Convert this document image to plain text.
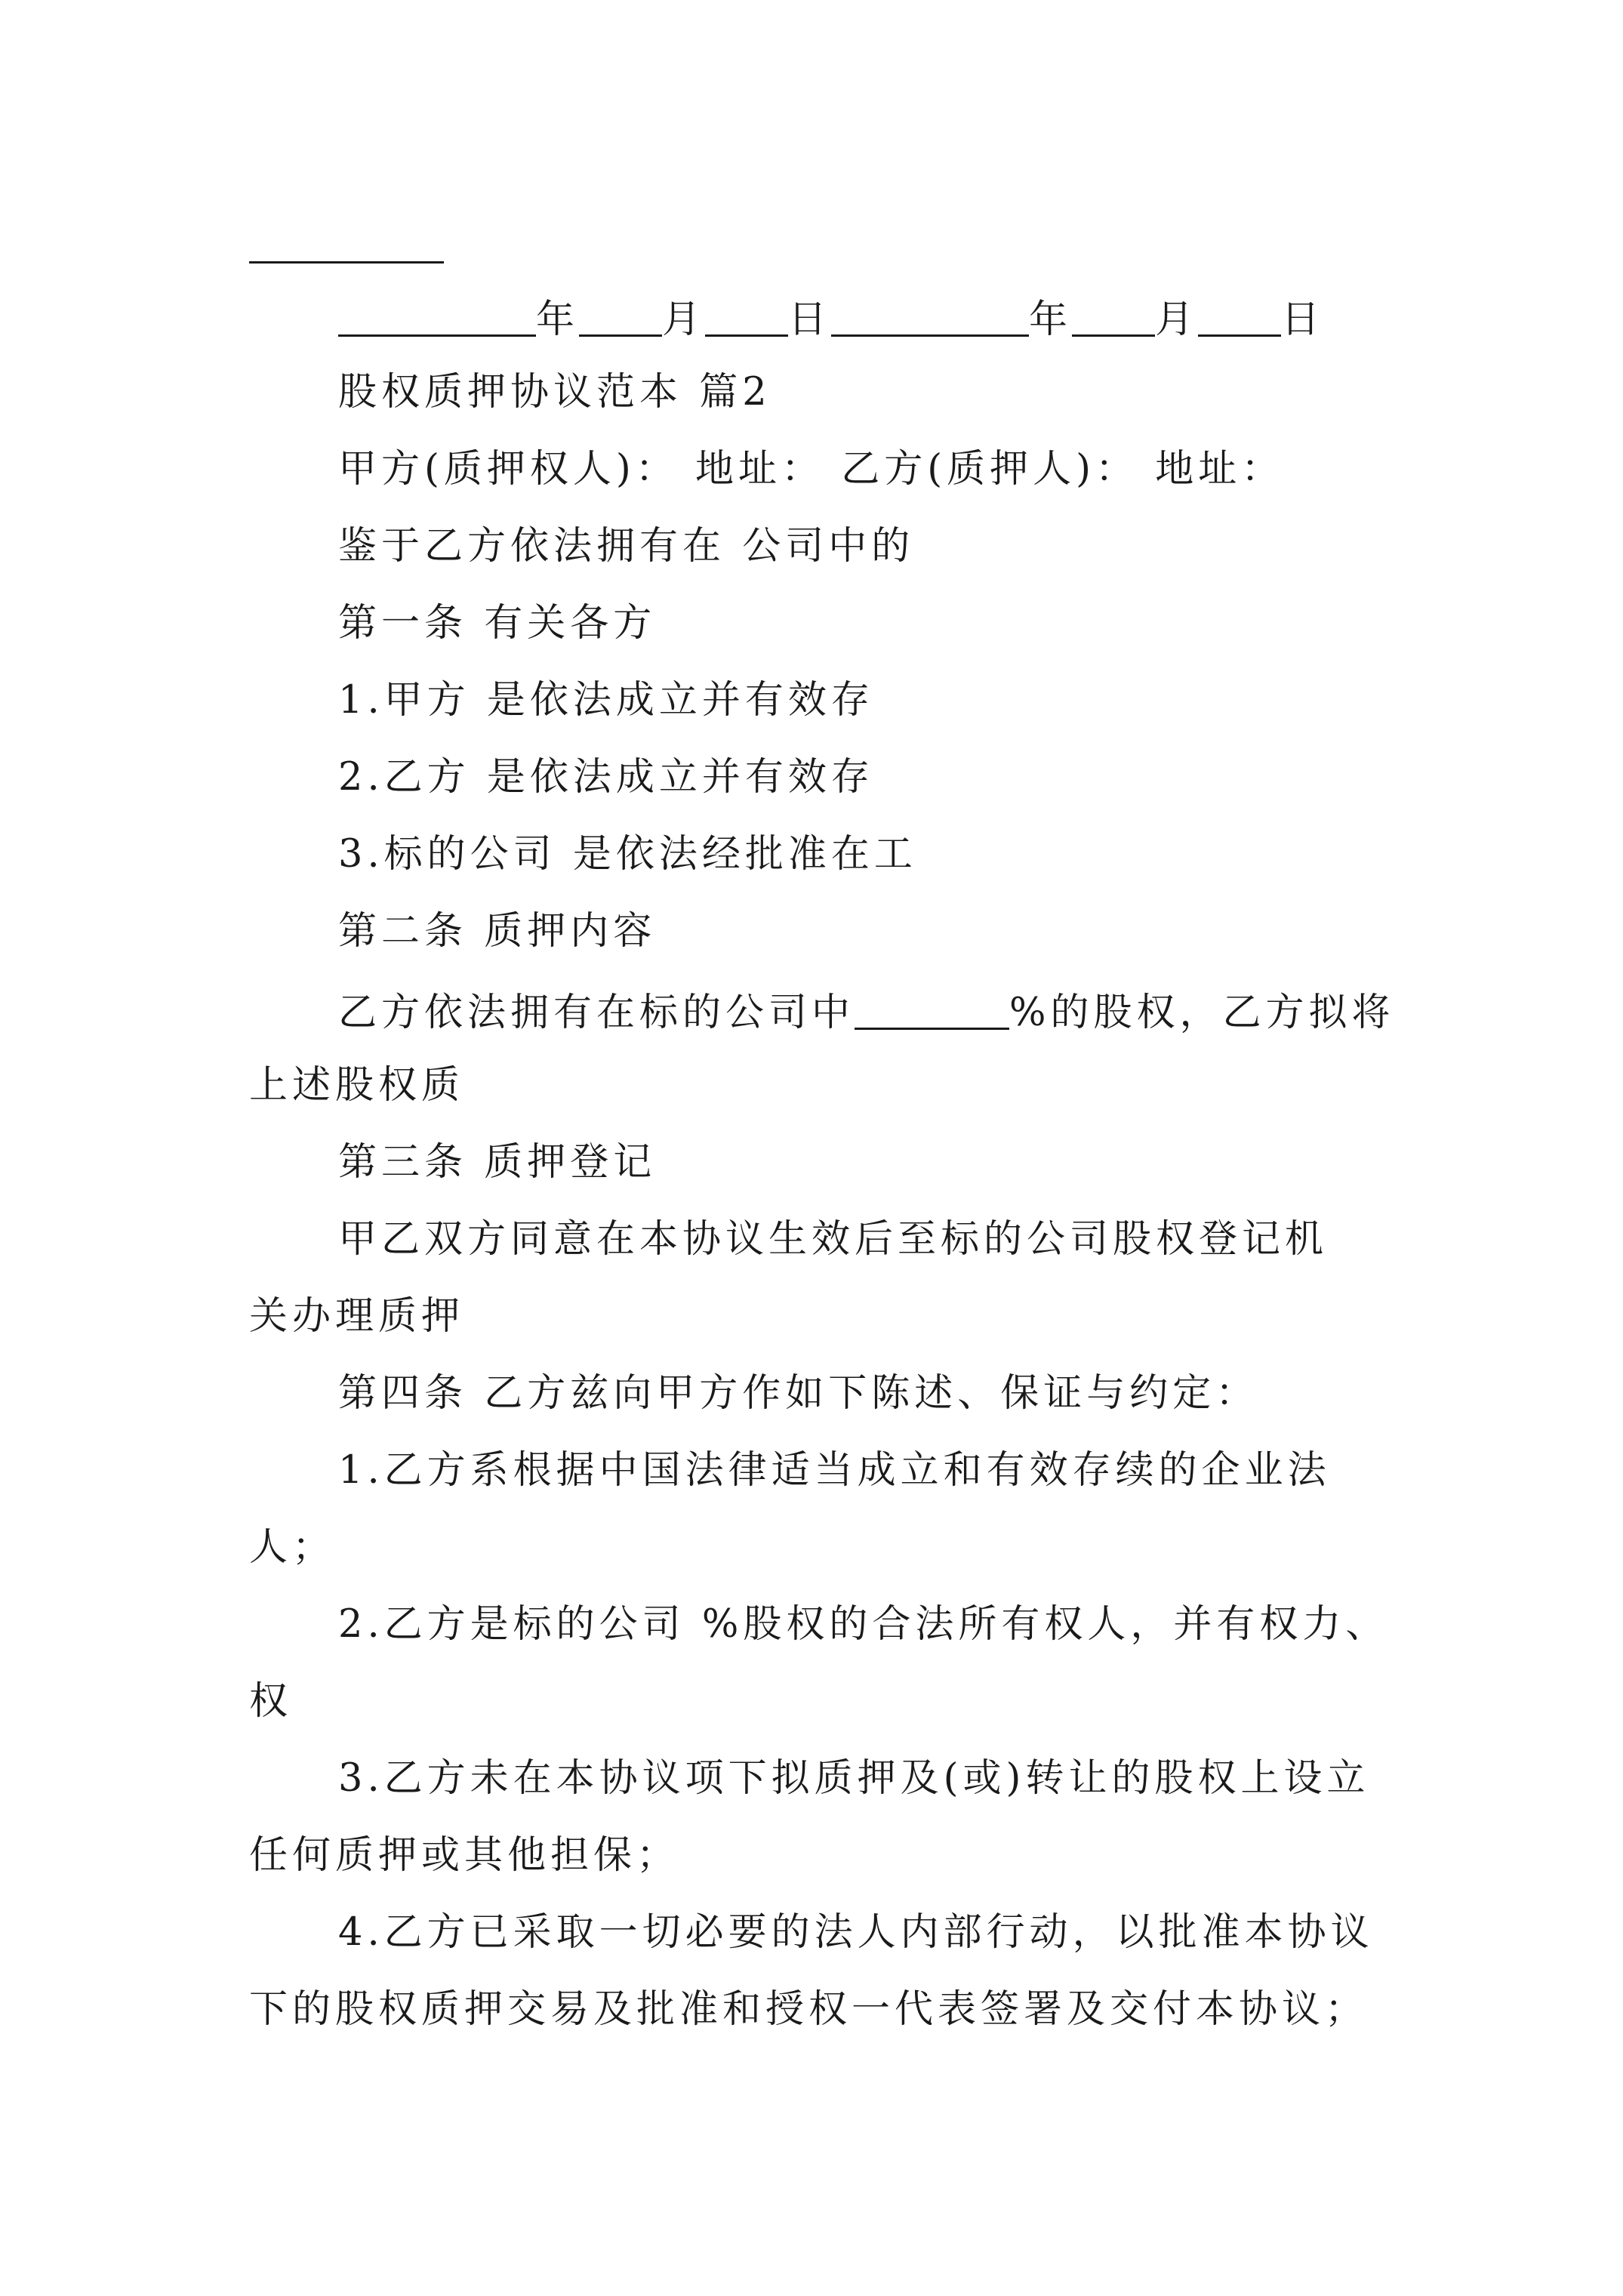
年 月 日	年 月 日
股权质押协议范本 篇2
甲方(质押权人)： 地址： 乙方(质押人)： 地址：
鉴于乙方依法拥有在 公司中的
第一条 有关各方
1.甲方 是依法成立并有效存
2.乙方 是依法成立并有效存
3.标的公司 是依法经批准在工
第二条 质押内容
乙方依法拥有在标的公司中	%的股权，乙方拟将
上述股权质
第三条 质押登记
甲乙双方同意在本协议生效后至标的公司股权登记机
关办理质押
第四条 乙方兹向甲方作如下陈述、保证与约定：
1.乙方系根据中国法律适当成立和有效存续的企业法
人；
2.乙方是标的公司 %股权的合法所有权人，并有权力、
权
3.乙方未在本协议项下拟质押及(或)转让的股权上设立
任何质押或其他担保；
4.乙方已采取一切必要的法人内部行动，以批准本协议
下的股权质押交易及批准和授权一代表签署及交付本协议；
